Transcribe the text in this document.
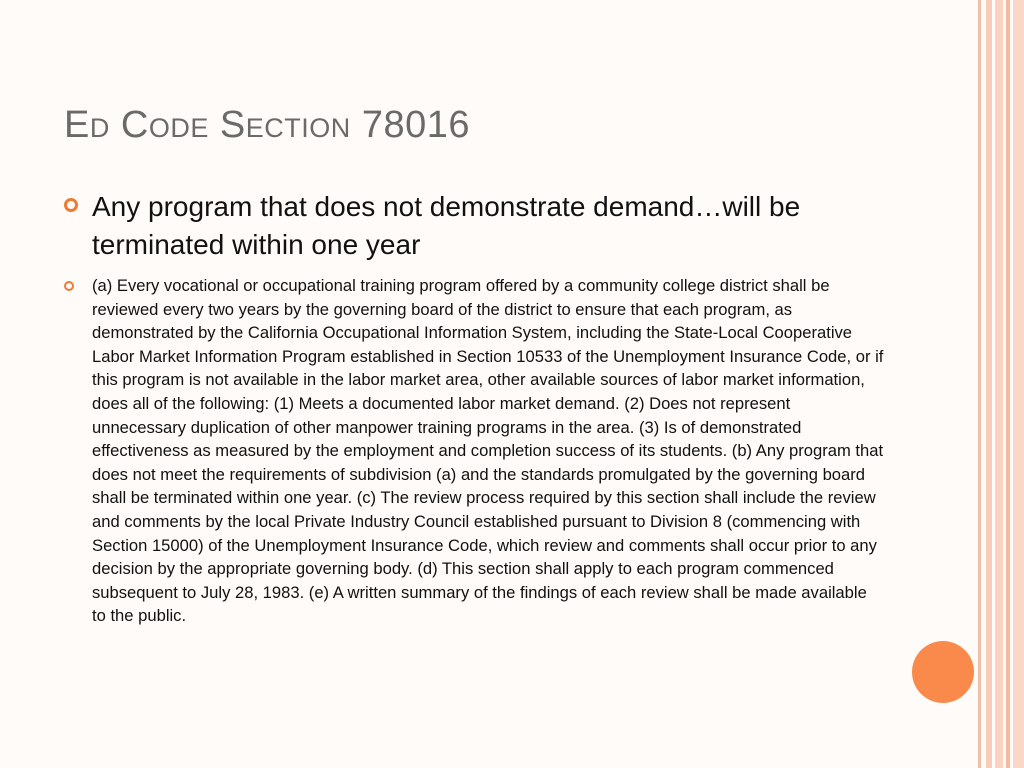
Ed Code Section 78016
Any program that does not demonstrate demand…will be terminated within one year
(a) Every vocational or occupational training program offered by a community college district shall be reviewed every two years by the governing board of the district to ensure that each program, as demonstrated by the California Occupational Information System, including the State-Local Cooperative Labor Market Information Program established in Section 10533 of the Unemployment Insurance Code, or if this program is not available in the labor market area, other available sources of labor market information, does all of the following: (1) Meets a documented labor market demand. (2) Does not represent unnecessary duplication of other manpower training programs in the area. (3) Is of demonstrated effectiveness as measured by the employment and completion success of its students. (b) Any program that does not meet the requirements of subdivision (a) and the standards promulgated by the governing board shall be terminated within one year. (c) The review process required by this section shall include the review and comments by the local Private Industry Council established pursuant to Division 8 (commencing with Section 15000) of the Unemployment Insurance Code, which review and comments shall occur prior to any decision by the appropriate governing body. (d) This section shall apply to each program commenced subsequent to July 28, 1983. (e) A written summary of the findings of each review shall be made available to the public.
